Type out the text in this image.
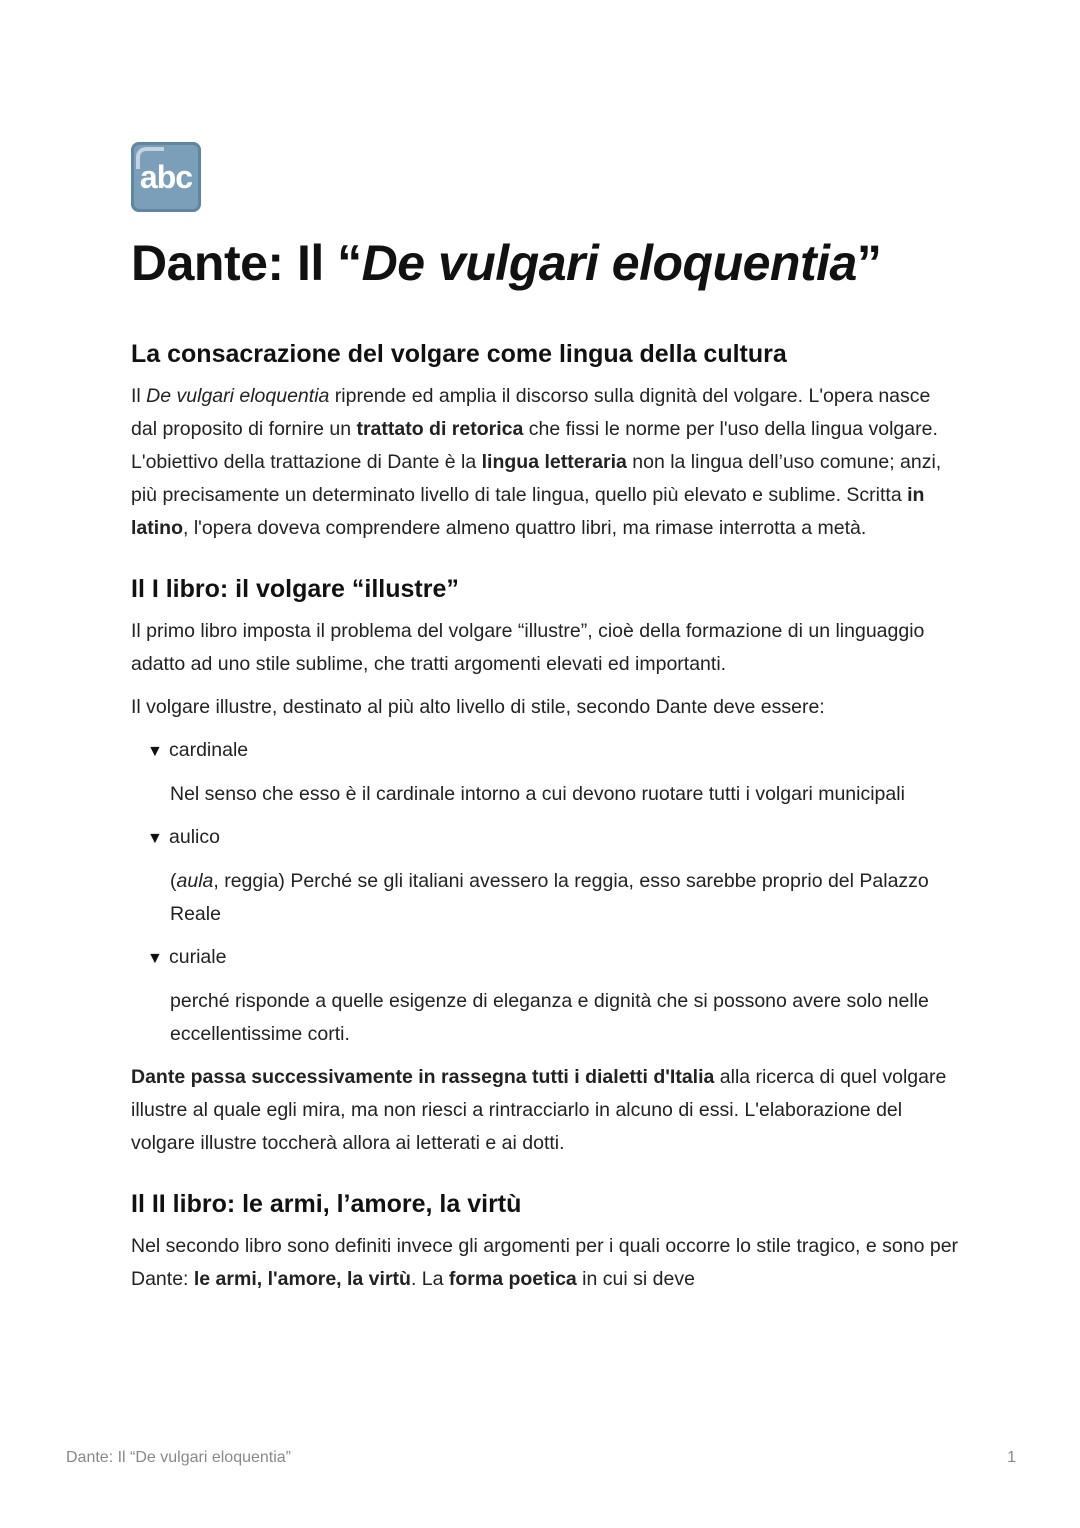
abc
Dante: Il “De vulgari eloquentia”
La consacrazione del volgare come lingua della cultura

Il De vulgari eloquentia riprende ed amplia il discorso sulla dignità del volgare. L'opera nasce dal proposito di fornire un trattato di retorica che fissi le norme per l'uso della lingua volgare. L'obiettivo della trattazione di Dante è la lingua letteraria non la lingua dell’uso comune; anzi, più precisamente un determinato livello di tale lingua, quello più elevato e sublime. Scritta in latino, l'opera doveva comprendere almeno quattro libri, ma rimase interrotta a metà.

Il I libro: il volgare “illustre”

Il primo libro imposta il problema del volgare “illustre”, cioè della formazione di un linguaggio adatto ad uno stile sublime, che tratti argomenti elevati ed importanti.

Il volgare illustre, destinato al più alto livello di stile, secondo Dante deve essere:

▼ cardinale
Nel senso che esso è il cardinale intorno a cui devono ruotare tutti i volgari municipali
▼ aulico
(aula, reggia) Perché se gli italiani avessero la reggia, esso sarebbe proprio del Palazzo Reale
▼ curiale
perché risponde a quelle esigenze di eleganza e dignità che si possono avere solo nelle eccellentissime corti.

Dante passa successivamente in rassegna tutti i dialetti d'Italia alla ricerca di quel volgare illustre al quale egli mira, ma non riesci a rintracciarlo in alcuno di essi. L'elaborazione del volgare illustre toccherà allora ai letterati e ai dotti.

Il II libro: le armi, l’amore, la virtù

Nel secondo libro sono definiti invece gli argomenti per i quali occorre lo stile tragico, e sono per Dante: le armi, l'amore, la virtù. La forma poetica in cui si deve

Dante: Il “De vulgari eloquentia”	1
